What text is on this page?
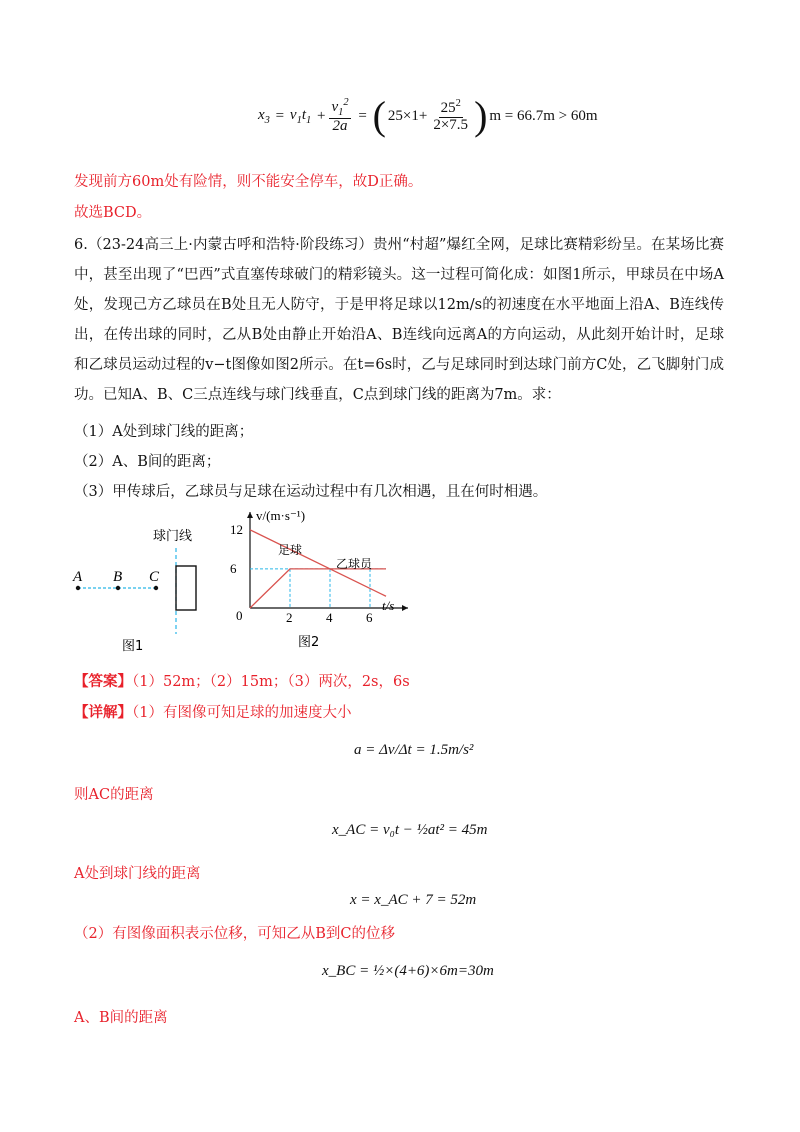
$x_3 = v_1t_1 + \frac{v_1^2}{2a}$ = ( $25\times 1+ \frac{25^2}{2\times 7.5}$ ) m = 66.7m > 60m
发现前方60m处有险情，则不能安全停车，故D正确。
故选BCD。
6.（23-24高三上·内蒙古呼和浩特·阶段练习）贵州“村超”爆红全网，足球比赛精彩纷呈。在某场比赛中，甚至出现了“巴西”式直塞传球破门的精彩镜头。这一过程可简化成：如图1所示，甲球员在中场A处，发现己方乙球员在B处且无人防守，于是甲将足球以12m/s的初速度在水平地面上沿A、B连线传出，在传出球的同时，乙从B处由静止开始沿A、B连线向远离A的方向运动，从此刻开始计时，足球和乙球员运动过程的v−t图像如图2所示。在t=6s时，乙与足球同时到达球门前方C处，乙飞脚射门成功。已知A、B、C三点连线与球门线垂直，C点到球门线的距离为7m。求：
（1）A处到球门线的距离；
（2）A、B间的距离；
（3）甲传球后，乙球员与足球在运动过程中有几次相遇，且在何时相遇。
A B C
球门线
图1
2	4	6
12
6
0
v/(m·s⁻¹)
t/s
足球
乙球员
图2
【答案】（1）52m；（2）15m；（3）两次，2s，6s
【详解】（1）有图像可知足球的加速度大小
a = Δv/Δt = 1.5m/s²
则AC的距离
x_AC = v₀t − ½at² = 45m
A处到球门线的距离
x = x_AC + 7 = 52m
（2）有图像面积表示位移，可知乙从B到C的位移
x_BC = ½×(4+6)×6m=30m
A、B间的距离
